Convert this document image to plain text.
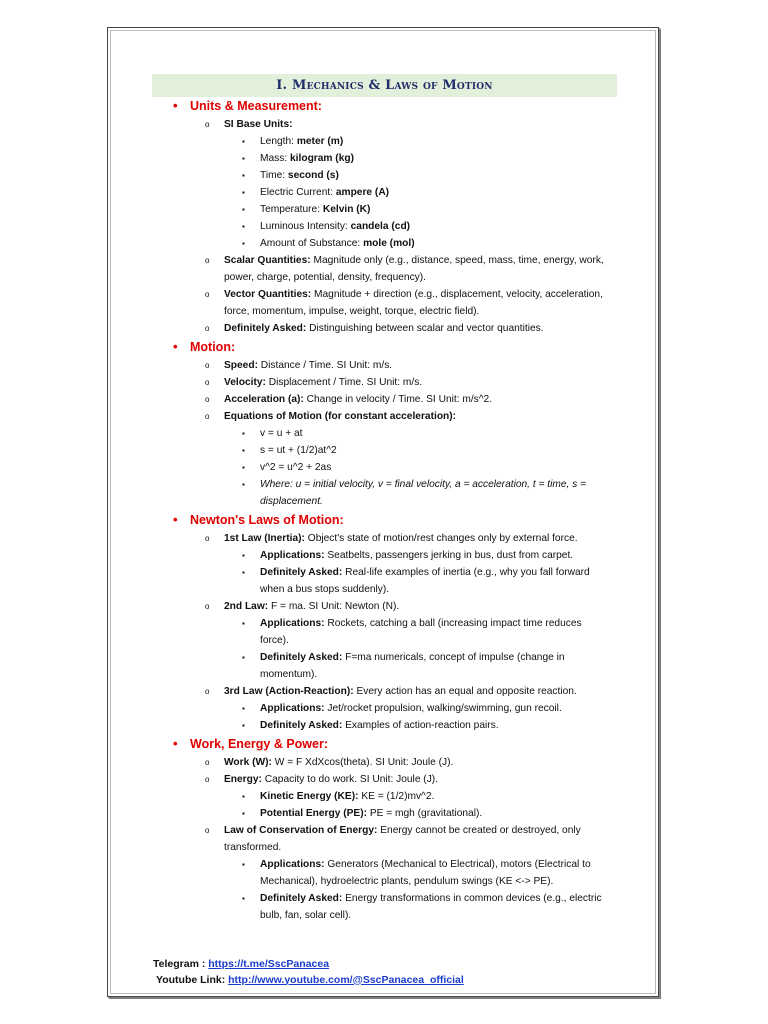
I. Mechanics & Laws of Motion
• Units & Measurement:
o SI Base Units:
▪ Length: meter (m)
▪ Mass: kilogram (kg)
▪ Time: second (s)
▪ Electric Current: ampere (A)
▪ Temperature: Kelvin (K)
▪ Luminous Intensity: candela (cd)
▪ Amount of Substance: mole (mol)
o Scalar Quantities: Magnitude only (e.g., distance, speed, mass, time, energy, work, power, charge, potential, density, frequency).
o Vector Quantities: Magnitude + direction (e.g., displacement, velocity, acceleration, force, momentum, impulse, weight, torque, electric field).
o Definitely Asked: Distinguishing between scalar and vector quantities.
• Motion:
o Speed: Distance / Time. SI Unit: m/s.
o Velocity: Displacement / Time. SI Unit: m/s.
o Acceleration (a): Change in velocity / Time. SI Unit: m/s^2.
o Equations of Motion (for constant acceleration):
▪ v = u + at
▪ s = ut + (1/2)at^2
▪ v^2 = u^2 + 2as
▪ Where: u = initial velocity, v = final velocity, a = acceleration, t = time, s = displacement.
• Newton's Laws of Motion:
o 1st Law (Inertia): Object's state of motion/rest changes only by external force.
▪ Applications: Seatbelts, passengers jerking in bus, dust from carpet.
▪ Definitely Asked: Real-life examples of inertia (e.g., why you fall forward when a bus stops suddenly).
o 2nd Law: F = ma. SI Unit: Newton (N).
▪ Applications: Rockets, catching a ball (increasing impact time reduces force).
▪ Definitely Asked: F=ma numericals, concept of impulse (change in momentum).
o 3rd Law (Action-Reaction): Every action has an equal and opposite reaction.
▪ Applications: Jet/rocket propulsion, walking/swimming, gun recoil.
▪ Definitely Asked: Examples of action-reaction pairs.
• Work, Energy & Power:
o Work (W): W = F XdXcos(theta). SI Unit: Joule (J).
o Energy: Capacity to do work. SI Unit: Joule (J).
▪ Kinetic Energy (KE): KE = (1/2)mv^2.
▪ Potential Energy (PE): PE = mgh (gravitational).
o Law of Conservation of Energy: Energy cannot be created or destroyed, only transformed.
▪ Applications: Generators (Mechanical to Electrical), motors (Electrical to Mechanical), hydroelectric plants, pendulum swings (KE <-> PE).
▪ Definitely Asked: Energy transformations in common devices (e.g., electric bulb, fan, solar cell).
Telegram : https://t.me/SscPanacea
Youtube Link: http://www.youtube.com/@SscPanacea_official
